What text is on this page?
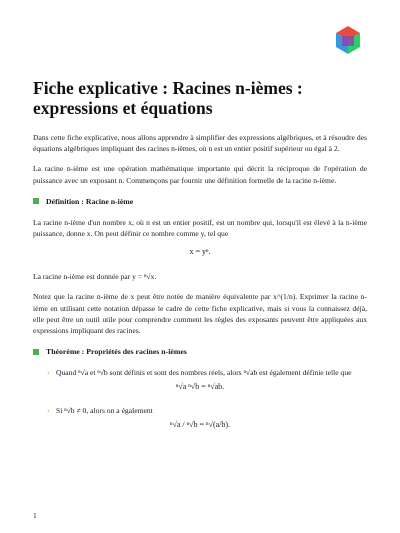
Fiche explicative : Racines n-ièmes : expressions et équations

Dans cette fiche explicative, nous allons apprendre à simplifier des expressions algébriques, et à résoudre des équations algébriques impliquant des racines n-ièmes, où n est un entier positif supérieur ou égal à 2.

La racine n-ième est une opération mathématique importante qui décrit la réciproque de l'opération de puissance avec un exposant n. Commençons par fournir une définition formelle de la racine n-ième.

Définition : Racine n-ième

La racine n-ième d'un nombre x, où n est un entier positif, est un nombre qui, lorsqu'il est élevé à la n-ième puissance, donne x. On peut définir ce nombre comme y, tel que

x = yⁿ.

La racine n-ième est donnée par y = ⁿ√x.

Notez que la racine n-ième de x peut être notée de manière équivalente par x^(1/n). Exprimer la racine n-ième en utilisant cette notation dépasse le cadre de cette fiche explicative, mais si vous la connaissez déjà, elle peut être un outil utile pour comprendre comment les règles des exposants peuvent être appliquées aux expressions impliquant des racines.

Théorème : Propriétés des racines n-ièmes
› Quand ⁿ√a et ⁿ√b sont définis et sont des nombres réels, alors ⁿ√ab est également définie telle que
ⁿ√a ⁿ√b = ⁿ√ab.
› Si ⁿ√b ≠ 0, alors on a également
ⁿ√a / ⁿ√b = ⁿ√(a/b).
1
